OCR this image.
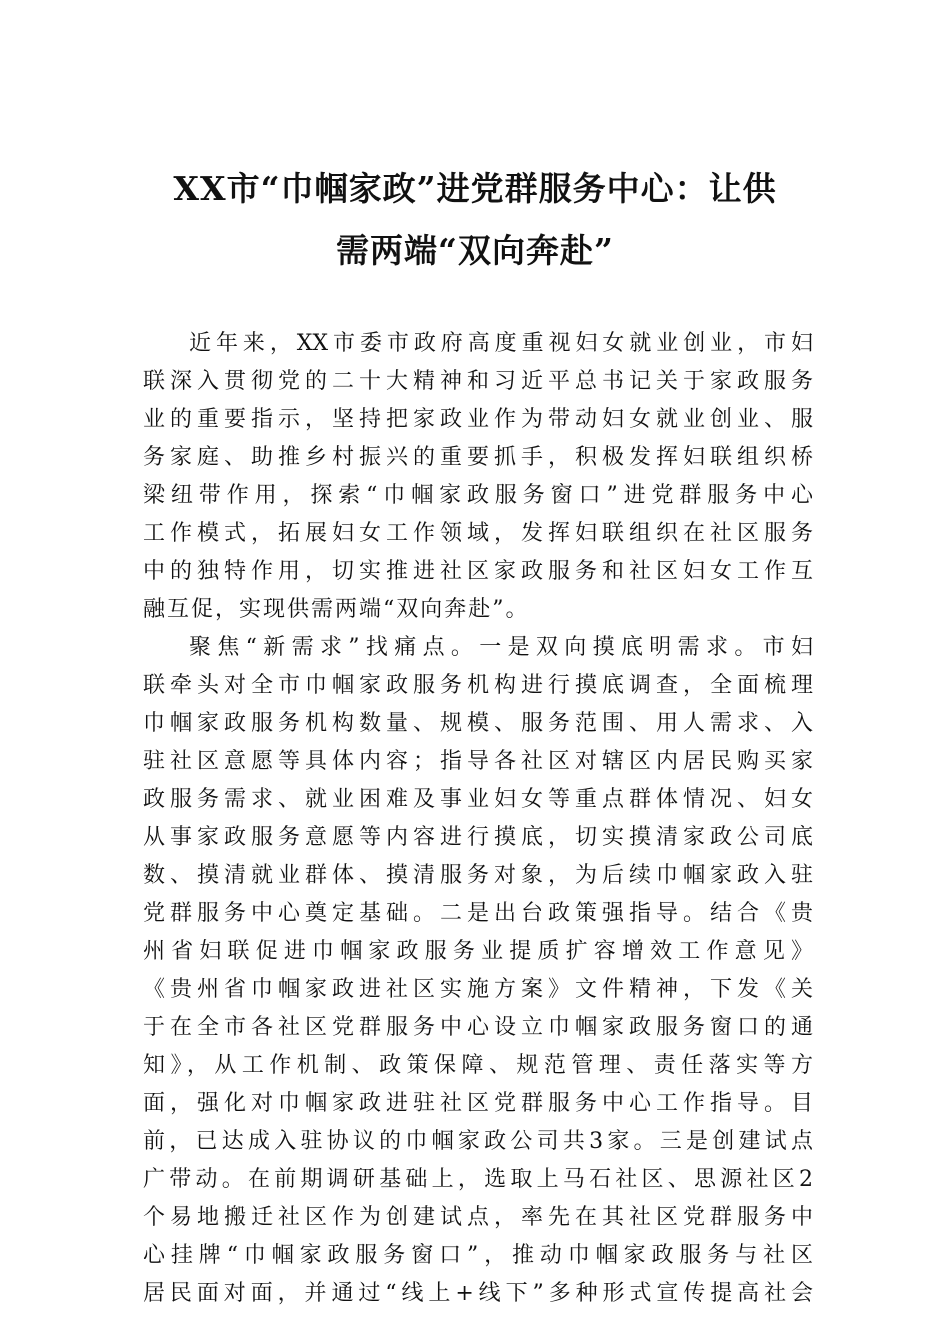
XX市“巾帼家政”进党群服务中心：让供
需两端“双向奔赴”
近年来，XX市委市政府高度重视妇女就业创业，市妇
联深入贯彻党的二十大精神和习近平总书记关于家政服务
业的重要指示，坚持把家政业作为带动妇女就业创业、服
务家庭、助推乡村振兴的重要抓手，积极发挥妇联组织桥
梁纽带作用，探索“巾帼家政服务窗口”进党群服务中心
工作模式，拓展妇女工作领域，发挥妇联组织在社区服务
中的独特作用，切实推进社区家政服务和社区妇女工作互
融互促，实现供需两端“双向奔赴”。
聚焦“新需求”找痛点。一是双向摸底明需求。市妇
联牵头对全市巾帼家政服务机构进行摸底调查，全面梳理
巾帼家政服务机构数量、规模、服务范围、用人需求、入
驻社区意愿等具体内容；指导各社区对辖区内居民购买家
政服务需求、就业困难及事业妇女等重点群体情况、妇女
从事家政服务意愿等内容进行摸底，切实摸清家政公司底
数、摸清就业群体、摸清服务对象，为后续巾帼家政入驻
党群服务中心奠定基础。二是出台政策强指导。结合《贵
州省妇联促进巾帼家政服务业提质扩容增效工作意见》
《贵州省巾帼家政进社区实施方案》文件精神，下发《关
于在全市各社区党群服务中心设立巾帼家政服务窗口的通
知》，从工作机制、政策保障、规范管理、责任落实等方
面，强化对巾帼家政进驻社区党群服务中心工作指导。目
前，已达成入驻协议的巾帼家政公司共3家。三是创建试点
广带动。在前期调研基础上，选取上马石社区、思源社区2
个易地搬迁社区作为创建试点，率先在其社区党群服务中
心挂牌“巾帼家政服务窗口”，推动巾帼家政服务与社区
居民面对面，并通过“线上+线下”多种形式宣传提高社会
